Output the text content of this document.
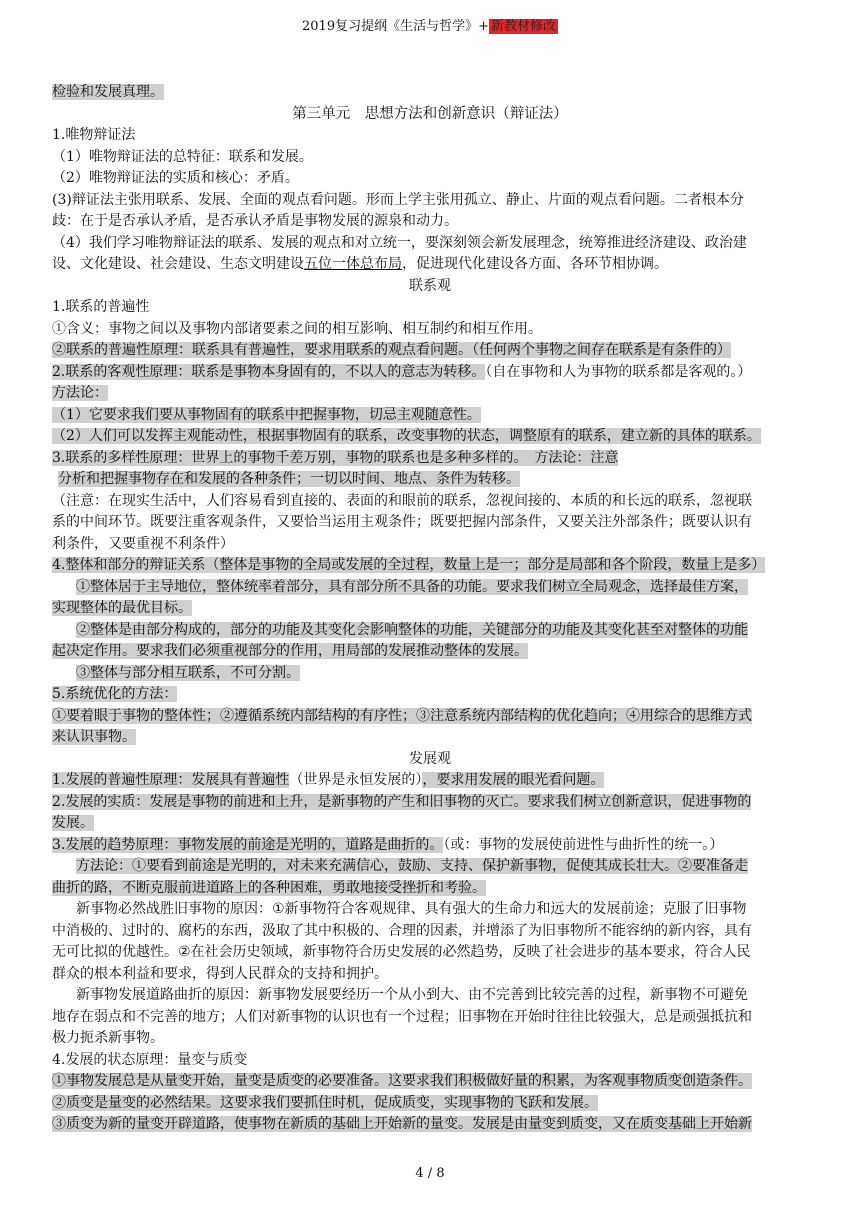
2019复习提纲《生活与哲学》+ 新教材修改
检验和发展真理。
第三单元　思想方法和创新意识（辩证法）
1.唯物辩证法
（1）唯物辩证法的总特征：联系和发展。
（2）唯物辩证法的实质和核心：矛盾。
(3)辩证法主张用联系、发展、全面的观点看问题。形而上学主张用孤立、静止、片面的观点看问题。二者根本分
歧：在于是否承认矛盾，是否承认矛盾是事物发展的源泉和动力。
（4）我们学习唯物辩证法的联系、发展的观点和对立统一，要深刻领会新发展理念，统筹推进经济建设、政治建
设、文化建设、社会建设、生态文明建设五位一体总布局，促进现代化建设各方面、各环节相协调。
联系观
1.联系的普遍性
①含义：事物之间以及事物内部诸要素之间的相互影响、相互制约和相互作用。
②联系的普遍性原理：联系具有普遍性，要求用联系的观点看问题。（任何两个事物之间存在联系是有条件的）
2.联系的客观性原理：联系是事物本身固有的，不以人的意志为转移。（自在事物和人为事物的联系都是客观的。）
方法论：
（1）它要求我们要从事物固有的联系中把握事物，切忌主观随意性。
（2）人们可以发挥主观能动性，根据事物固有的联系，改变事物的状态，调整原有的联系，建立新的具体的联系。
3.联系的多样性原理：世界上的事物千差万别，事物的联系也是多种多样的。　方法论：注意
分析和把握事物存在和发展的各种条件；一切以时间、地点、条件为转移。
（注意：在现实生活中，人们容易看到直接的、表面的和眼前的联系，忽视间接的、本质的和长远的联系，忽视联
系的中间环节。既要注重客观条件，又要恰当运用主观条件；既要把握内部条件，又要关注外部条件；既要认识有
利条件，又要重视不利条件）
4.整体和部分的辩证关系（整体是事物的全局或发展的全过程，数量上是一；部分是局部和各个阶段，数量上是多）
①整体居于主导地位，整体统率着部分，具有部分所不具备的功能。要求我们树立全局观念，选择最佳方案，
实现整体的最优目标。
②整体是由部分构成的，部分的功能及其变化会影响整体的功能，关键部分的功能及其变化甚至对整体的功能
起决定作用。要求我们必须重视部分的作用，用局部的发展推动整体的发展。
③整体与部分相互联系，不可分割。
5.系统优化的方法：
①要着眼于事物的整体性；②遵循系统内部结构的有序性；③注意系统内部结构的优化趋向；④用综合的思维方式
来认识事物。
发展观
1.发展的普遍性原理：发展具有普遍性（世界是永恒发展的），要求用发展的眼光看问题。
2.发展的实质：发展是事物的前进和上升，是新事物的产生和旧事物的灭亡。要求我们树立创新意识，促进事物的
发展。
3.发展的趋势原理：事物发展的前途是光明的，道路是曲折的。（或：事物的发展使前进性与曲折性的统一。）
方法论：①要看到前途是光明的，对未来充满信心，鼓励、支持、保护新事物，促使其成长壮大。②要准备走
曲折的路，不断克服前进道路上的各种困难，勇敢地接受挫折和考验。
新事物必然战胜旧事物的原因：①新事物符合客观规律、具有强大的生命力和远大的发展前途；克服了旧事物
中消极的、过时的、腐朽的东西，汲取了其中积极的、合理的因素，并增添了为旧事物所不能容纳的新内容，具有
无可比拟的优越性。②在社会历史领域，新事物符合历史发展的必然趋势，反映了社会进步的基本要求，符合人民
群众的根本利益和要求，得到人民群众的支持和拥护。
新事物发展道路曲折的原因：新事物发展要经历一个从小到大、由不完善到比较完善的过程，新事物不可避免
地存在弱点和不完善的地方；人们对新事物的认识也有一个过程；旧事物在开始时往往比较强大，总是顽强抵抗和
极力扼杀新事物。
4.发展的状态原理：量变与质变
①事物发展总是从量变开始，量变是质变的必要准备。这要求我们积极做好量的积累，为客观事物质变创造条件。
②质变是量变的必然结果。这要求我们要抓住时机，促成质变，实现事物的飞跃和发展。
③质变为新的量变开辟道路，使事物在新质的基础上开始新的量变。发展是由量变到质变，又在质变基础上开始新
4 / 8
